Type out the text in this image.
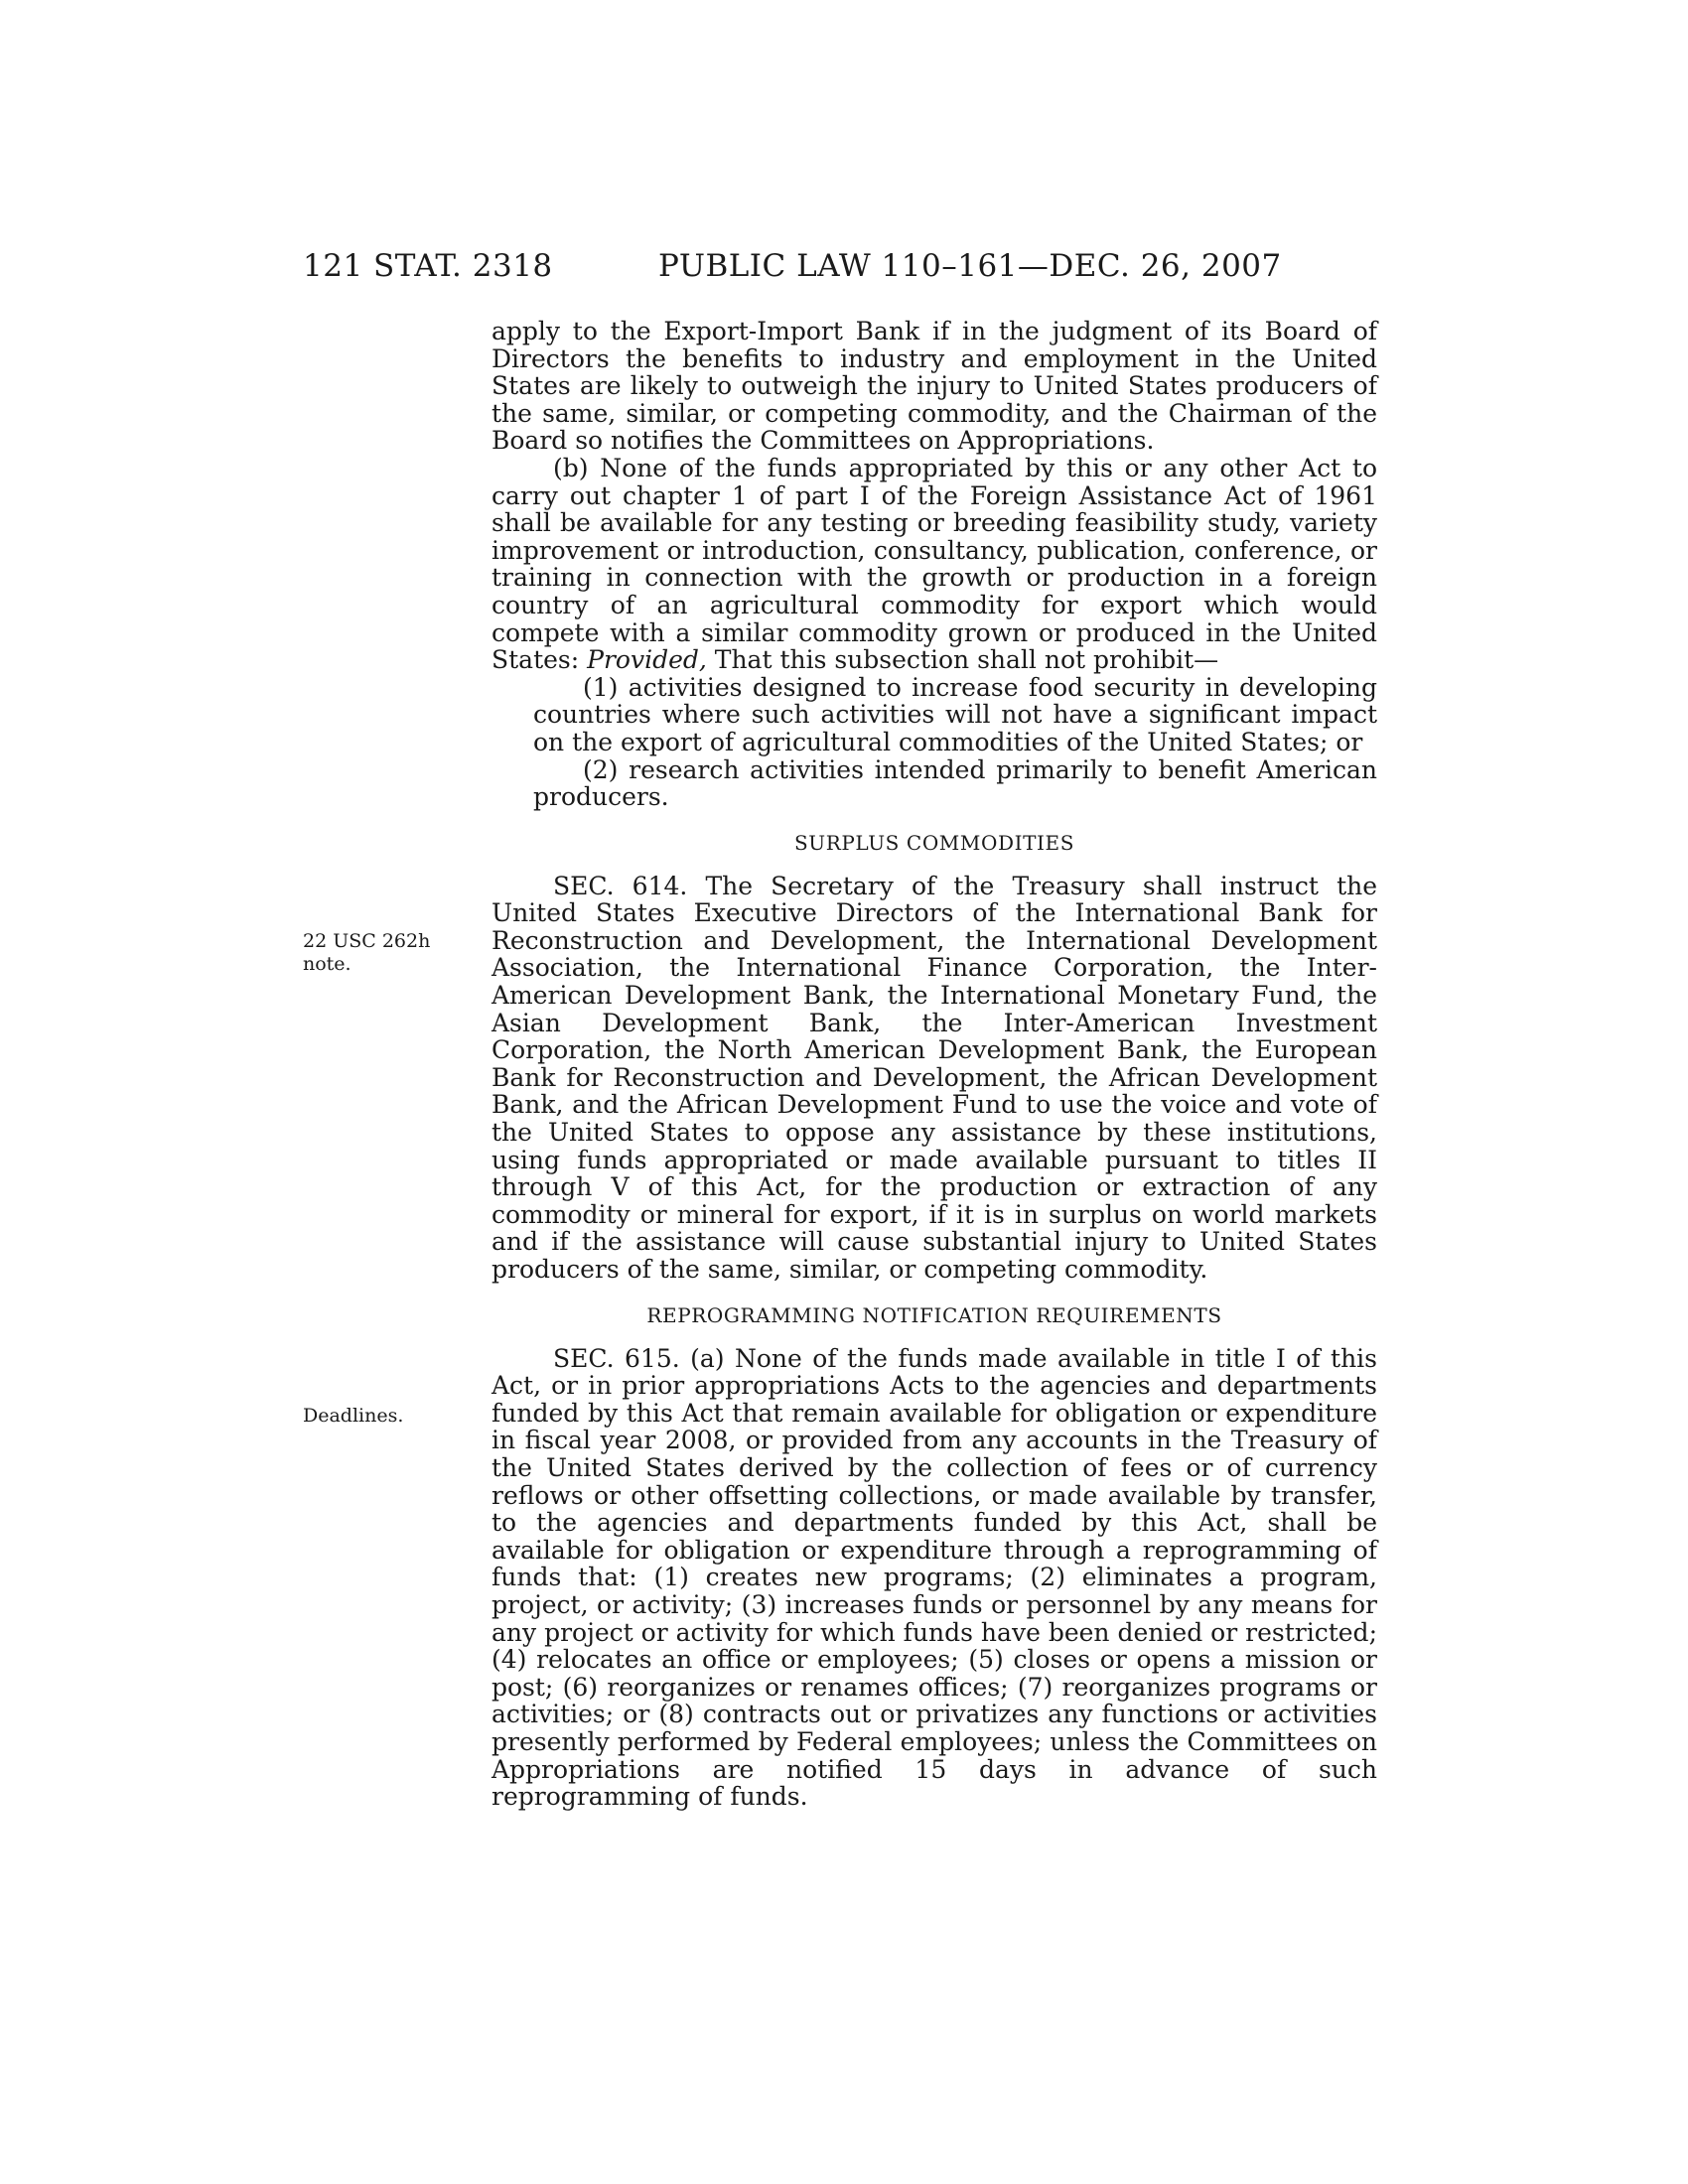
121 STAT. 2318	PUBLIC LAW 110–161—DEC. 26, 2007
22 USC 262h
note.
Deadlines.

apply to the Export-Import Bank if in the judgment of its Board of Directors the benefits to industry and employment in the United States are likely to outweigh the injury to United States producers of the same, similar, or competing commodity, and the Chairman of the Board so notifies the Committees on Appropriations.

(b) None of the funds appropriated by this or any other Act to carry out chapter 1 of part I of the Foreign Assistance Act of 1961 shall be available for any testing or breeding feasibility study, variety improvement or introduction, consultancy, publication, conference, or training in connection with the growth or production in a foreign country of an agricultural commodity for export which would compete with a similar commodity grown or produced in the United States: Provided, That this subsection shall not prohibit—

(1) activities designed to increase food security in developing countries where such activities will not have a significant impact on the export of agricultural commodities of the United States; or

(2) research activities intended primarily to benefit American producers.

SURPLUS COMMODITIES

SEC. 614. The Secretary of the Treasury shall instruct the United States Executive Directors of the International Bank for Reconstruction and Development, the International Development Association, the International Finance Corporation, the Inter-American Development Bank, the International Monetary Fund, the Asian Development Bank, the Inter-American Investment Corporation, the North American Development Bank, the European Bank for Reconstruction and Development, the African Development Bank, and the African Development Fund to use the voice and vote of the United States to oppose any assistance by these institutions, using funds appropriated or made available pursuant to titles II through V of this Act, for the production or extraction of any commodity or mineral for export, if it is in surplus on world markets and if the assistance will cause substantial injury to United States producers of the same, similar, or competing commodity.

REPROGRAMMING NOTIFICATION REQUIREMENTS

SEC. 615. (a) None of the funds made available in title I of this Act, or in prior appropriations Acts to the agencies and departments funded by this Act that remain available for obligation or expenditure in fiscal year 2008, or provided from any accounts in the Treasury of the United States derived by the collection of fees or of currency reflows or other offsetting collections, or made available by transfer, to the agencies and departments funded by this Act, shall be available for obligation or expenditure through a reprogramming of funds that: (1) creates new programs; (2) eliminates a program, project, or activity; (3) increases funds or personnel by any means for any project or activity for which funds have been denied or restricted; (4) relocates an office or employees; (5) closes or opens a mission or post; (6) reorganizes or renames offices; (7) reorganizes programs or activities; or (8) contracts out or privatizes any functions or activities presently performed by Federal employees; unless the Committees on Appropriations are notified 15 days in advance of such reprogramming of funds.
